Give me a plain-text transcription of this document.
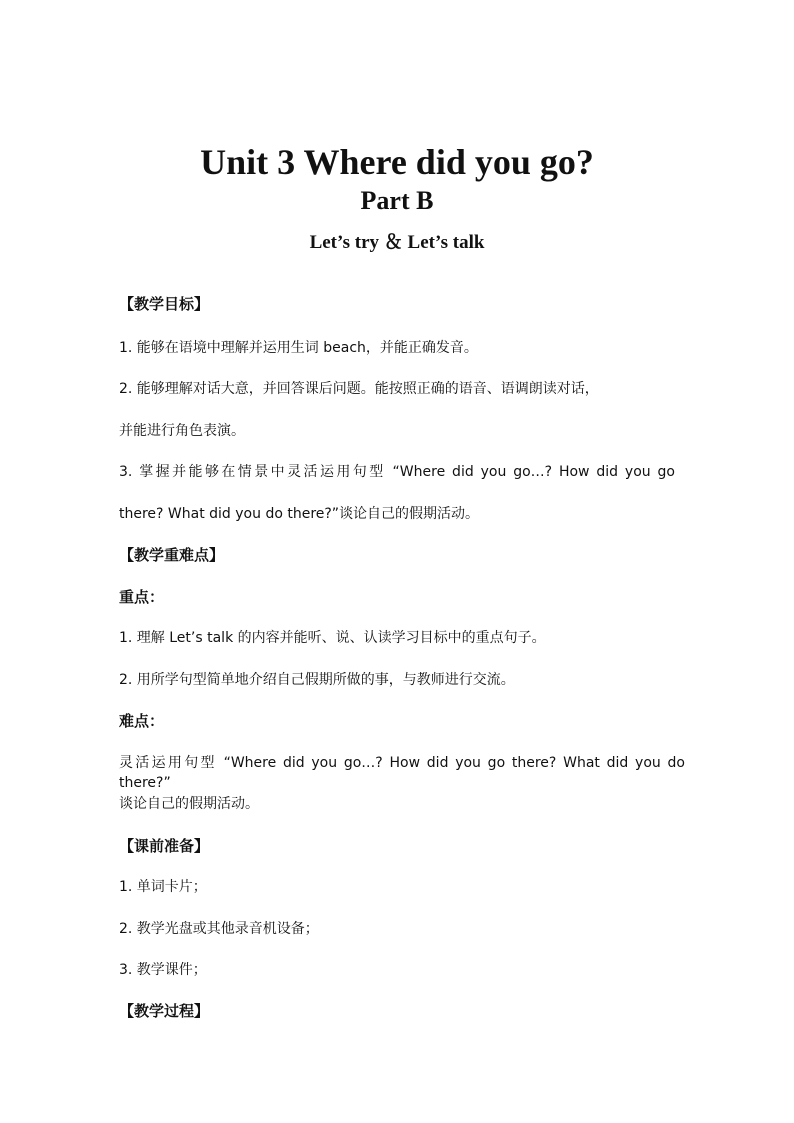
Unit 3 Where did you go?
Part B
Let’s try ＆ Let’s talk

【教学目标】

1. 能够在语境中理解并运用生词 beach，并能正确发音。

2. 能够理解对话大意，并回答课后问题。能按照正确的语音、语调朗读对话，

并能进行角色表演。

3. 掌握并能够在情景中灵活运用句型 “Where did you go…? How did you go

there? What did you do there?”谈论自己的假期活动。

【教学重难点】

重点：

1. 理解 Let’s talk 的内容并能听、说、认读学习目标中的重点句子。

2. 用所学句型简单地介绍自己假期所做的事，与教师进行交流。

难点：

灵活运用句型 “Where did you go…? How did you go there? What did you do there?”

谈论自己的假期活动。

【课前准备】

1. 单词卡片；

2. 教学光盘或其他录音机设备；

3. 教学课件；

【教学过程】
